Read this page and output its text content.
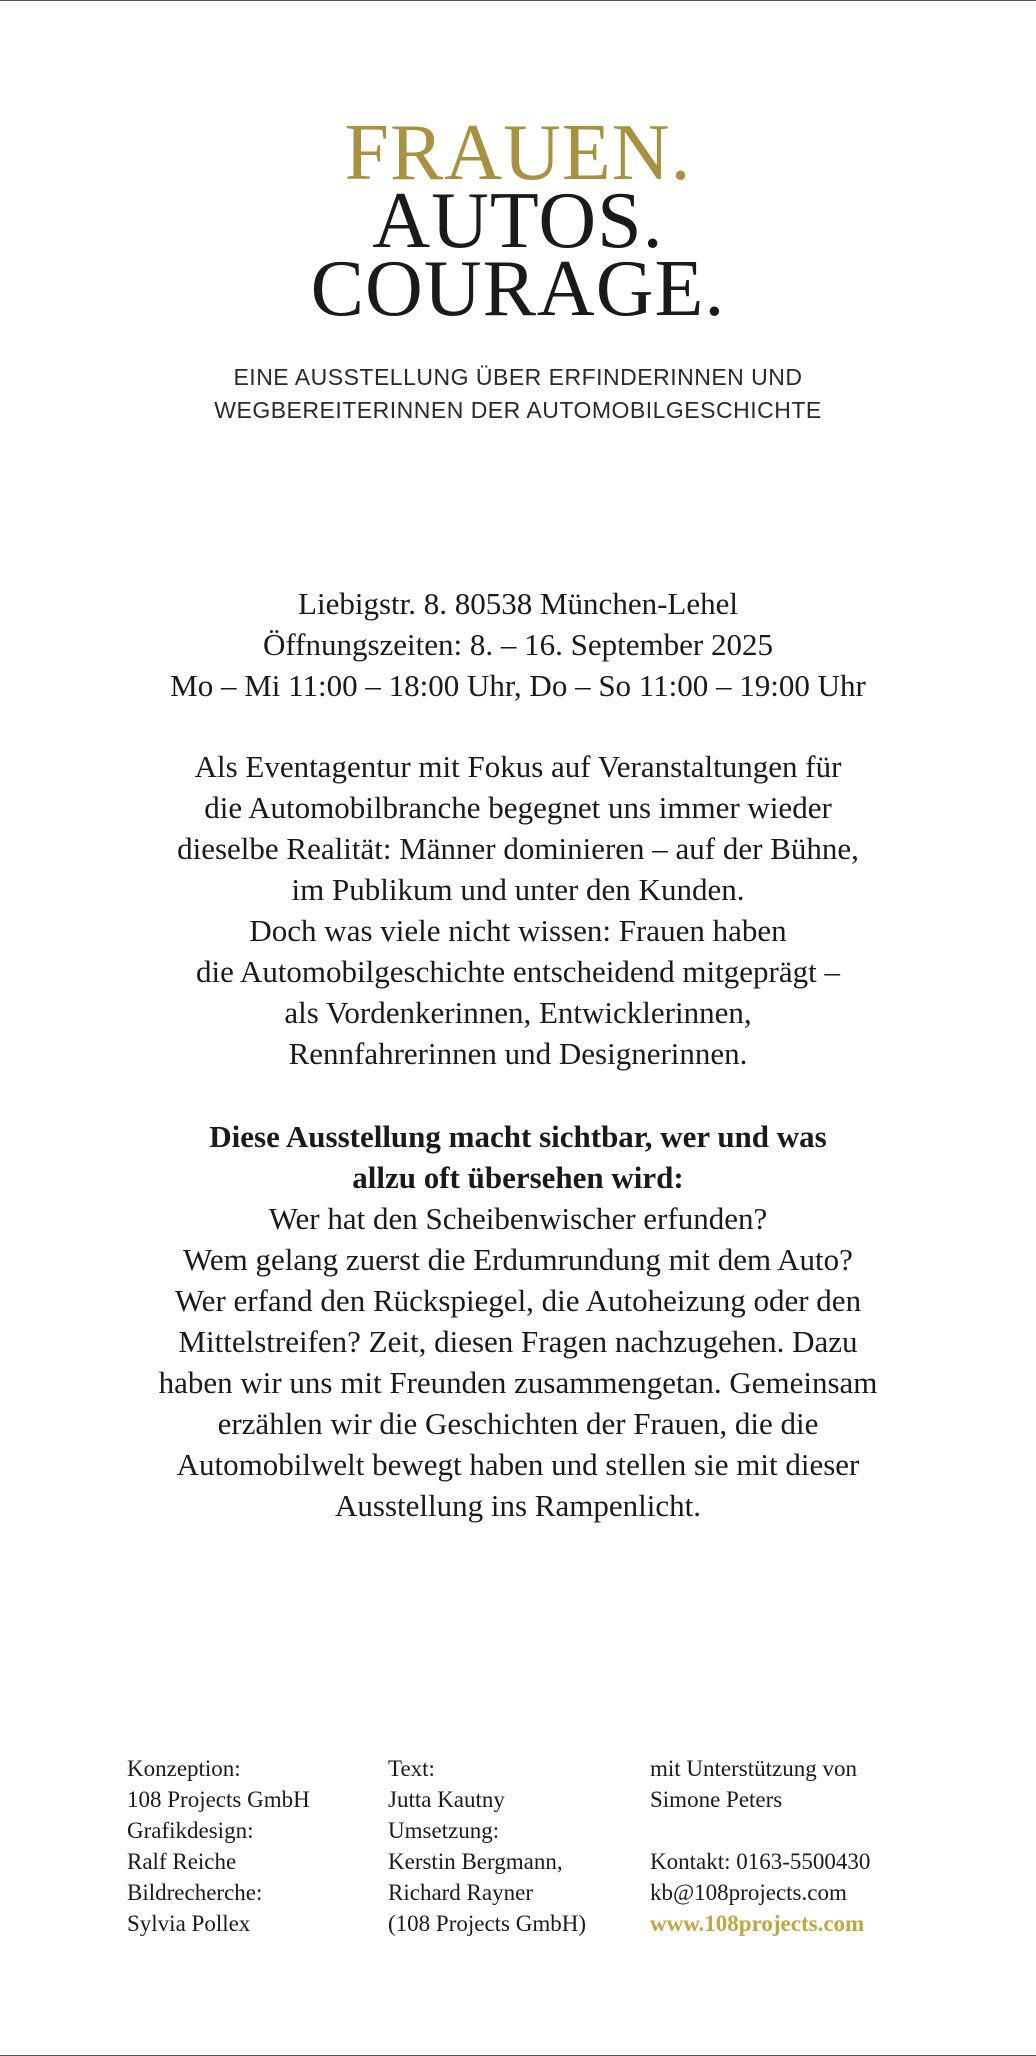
FRAUEN.
AUTOS.
COURAGE.
EINE AUSSTELLUNG ÜBER ERFINDERINNEN UND
WEGBEREITERINNEN DER AUTOMOBILGESCHICHTE
Liebigstr. 8. 80538 München-Lehel
Öffnungszeiten: 8. – 16. September 2025
Mo – Mi 11:00 – 18:00 Uhr, Do – So 11:00 – 19:00 Uhr
Als Eventagentur mit Fokus auf Veranstaltungen für
die Automobilbranche begegnet uns immer wieder
dieselbe Realität: Männer dominieren – auf der Bühne,
im Publikum und unter den Kunden.
Doch was viele nicht wissen: Frauen haben
die Automobilgeschichte entscheidend mitgeprägt –
als Vordenkerinnen, Entwicklerinnen,
Rennfahrerinnen und Designerinnen.
Diese Ausstellung macht sichtbar, wer und was
allzu oft übersehen wird:
Wer hat den Scheibenwischer erfunden?
Wem gelang zuerst die Erdumrundung mit dem Auto?
Wer erfand den Rückspiegel, die Autoheizung oder den
Mittelstreifen? Zeit, diesen Fragen nachzugehen. Dazu
haben wir uns mit Freunden zusammengetan. Gemeinsam
erzählen wir die Geschichten der Frauen, die die
Automobilwelt bewegt haben und stellen sie mit dieser
Ausstellung ins Rampenlicht.
Konzeption:
108 Projects GmbH
Grafikdesign:
Ralf Reiche
Bildrecherche:
Sylvia Pollex
Text:
Jutta Kautny
Umsetzung:
Kerstin Bergmann,
Richard Rayner
(108 Projects GmbH)
mit Unterstützung von
Simone Peters
Kontakt: 0163-5500430
kb@108projects.com
www.108projects.com
